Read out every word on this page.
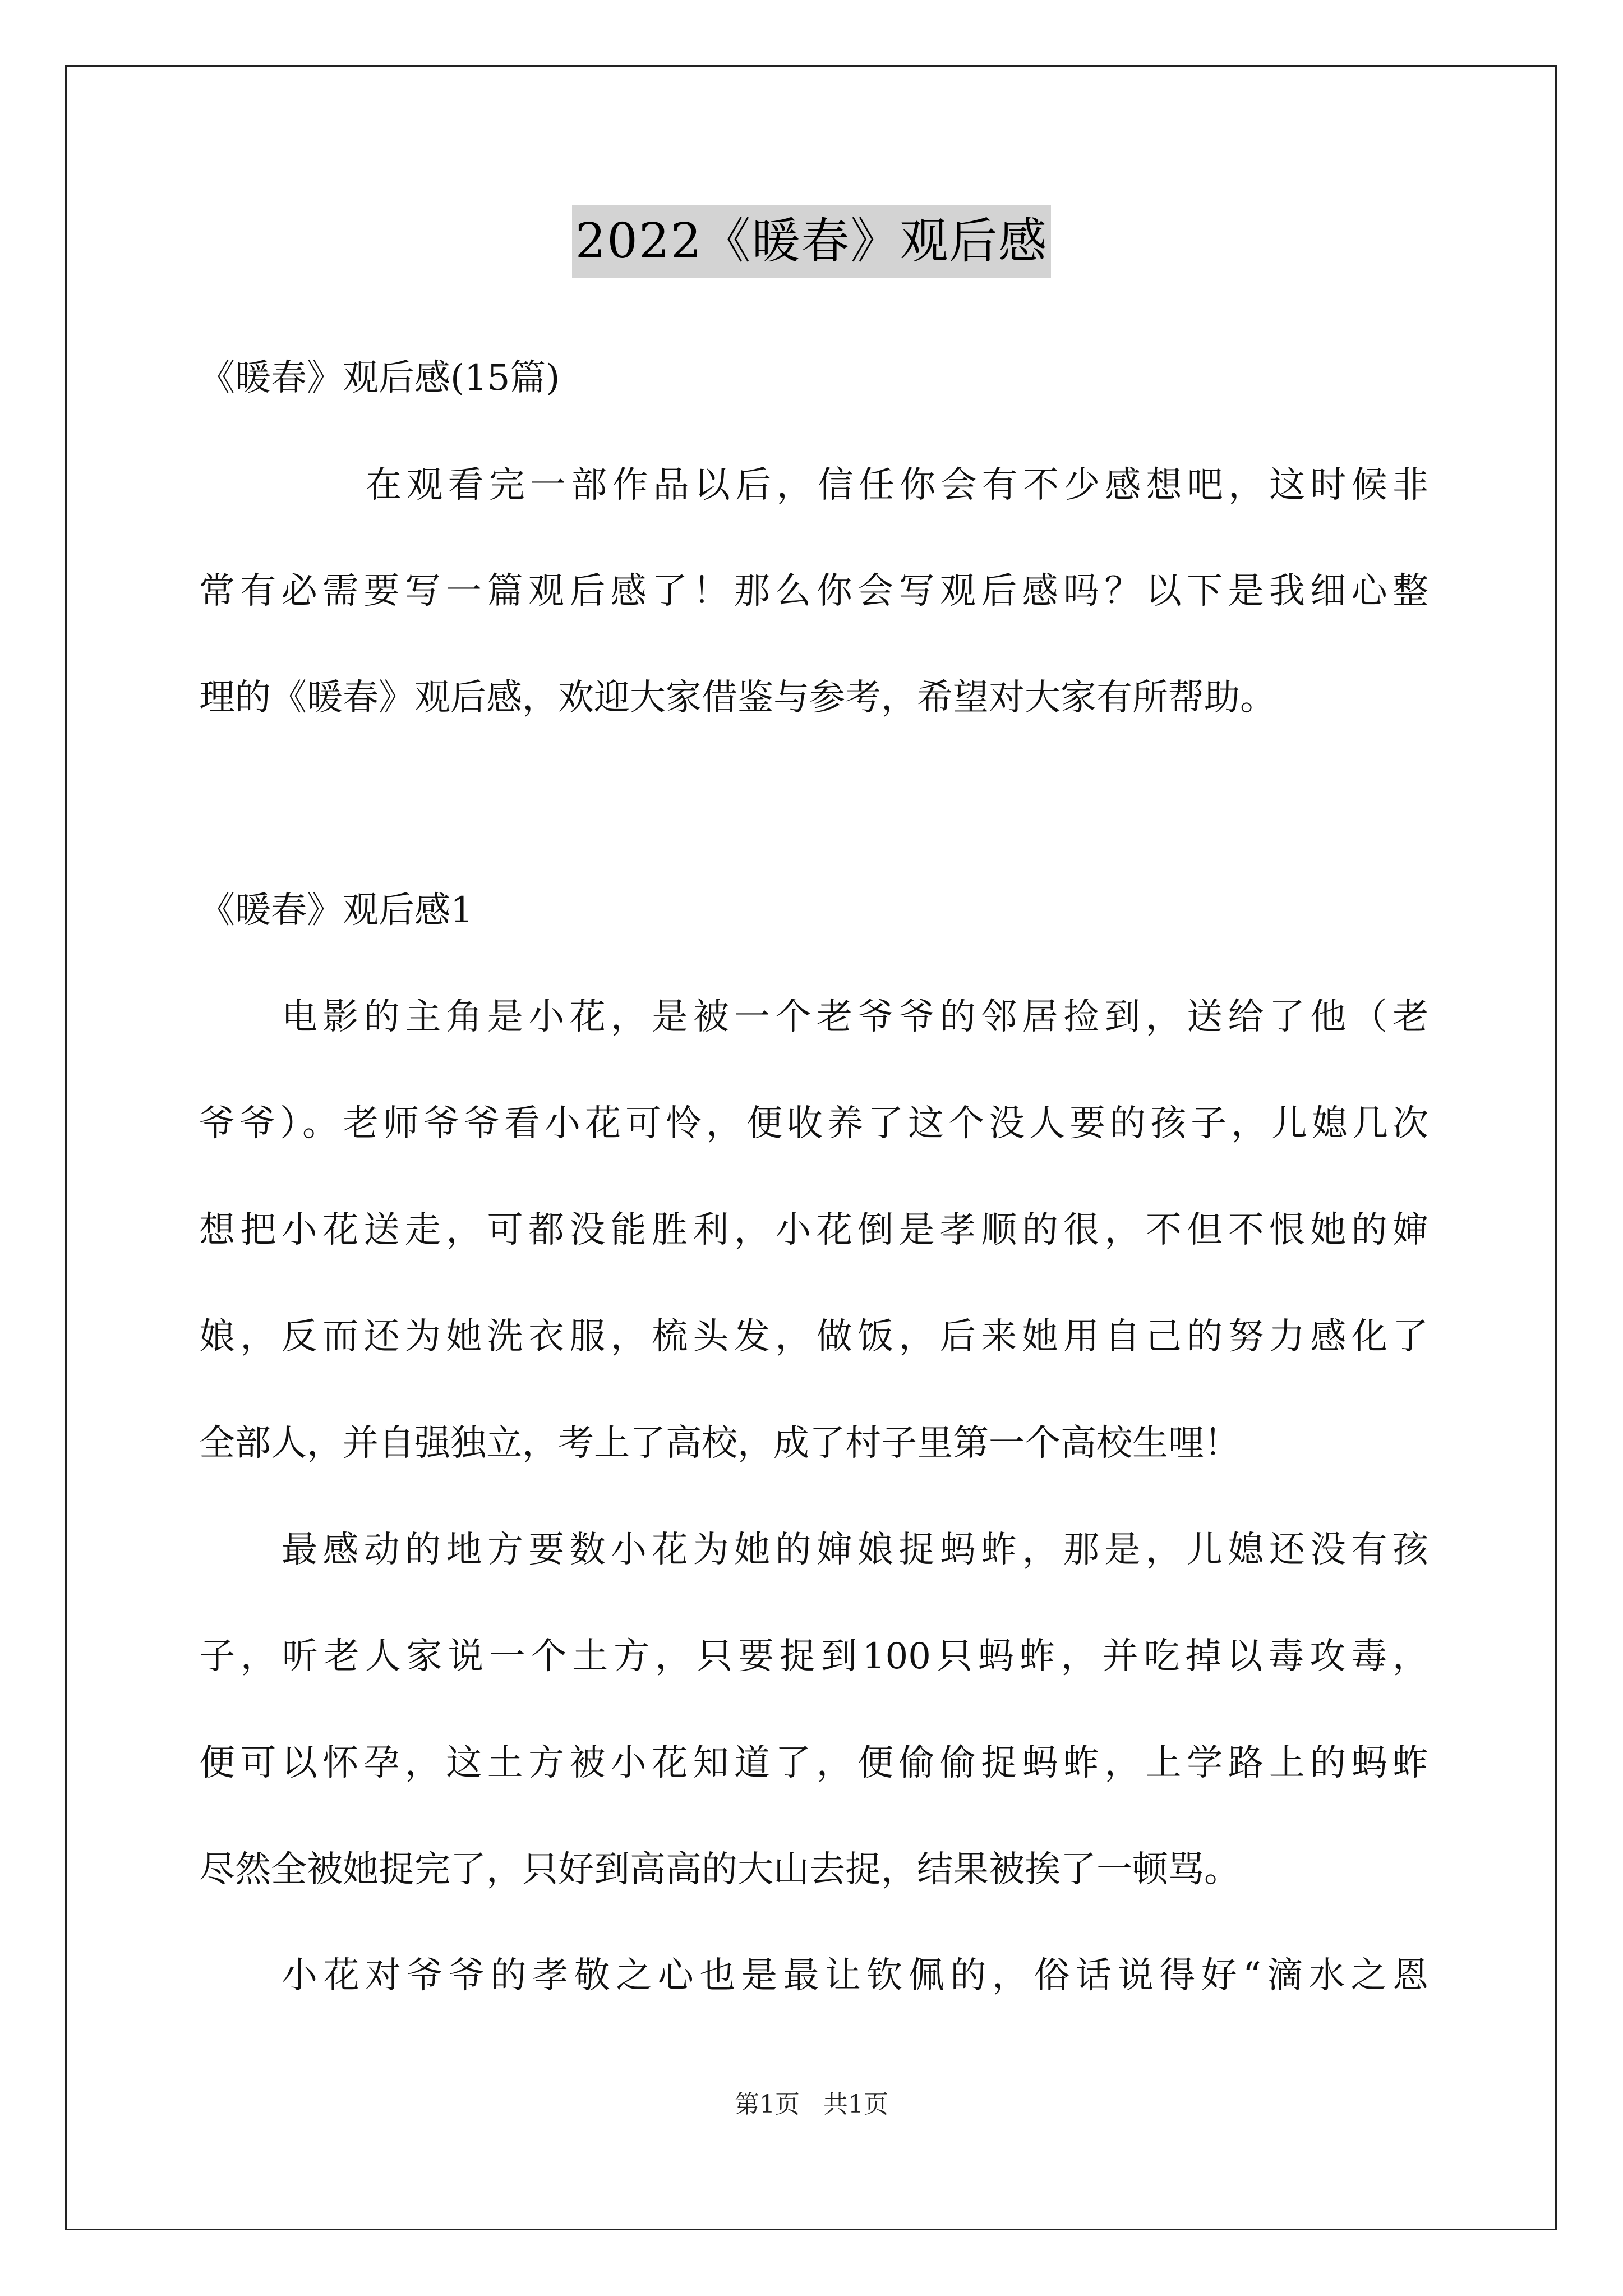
2022《暖春》观后感
《暖春》观后感(15篇)
在观看完一部作品以后，信任你会有不少感想吧，这时候非
常有必需要写一篇观后感了！那么你会写观后感吗？以下是我细心整
理的《暖春》观后感，欢迎大家借鉴与参考，希望对大家有所帮助。
《暖春》观后感1
电影的主角是小花，是被一个老爷爷的邻居捡到，送给了他（老
爷爷）。老师爷爷看小花可怜，便收养了这个没人要的孩子，儿媳几次
想把小花送走，可都没能胜利，小花倒是孝顺的很，不但不恨她的婶
娘，反而还为她洗衣服，梳头发，做饭，后来她用自己的努力感化了
全部人，并自强独立，考上了高校，成了村子里第一个高校生哩！
最感动的地方要数小花为她的婶娘捉蚂蚱，那是，儿媳还没有孩
子，听老人家说一个土方，只要捉到100只蚂蚱，并吃掉以毒攻毒，
便可以怀孕，这土方被小花知道了，便偷偷捉蚂蚱，上学路上的蚂蚱
尽然全被她捉完了，只好到高高的大山去捉，结果被挨了一顿骂。
小花对爷爷的孝敬之心也是最让钦佩的，俗话说得好“滴水之恩
第1页 共1页
